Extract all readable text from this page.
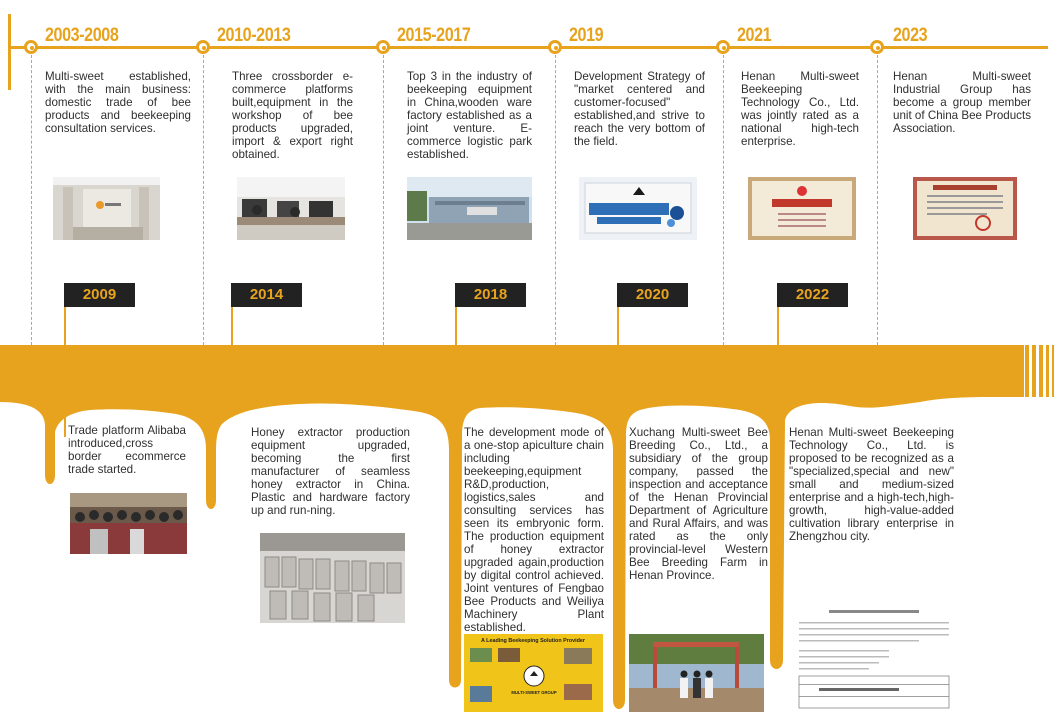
2003-2008
Multi-sweet established, with the main business: domestic trade of bee products and beekeeping consultation services.
2010-2013
Three crossborder e-commerce platforms built,equipment in the workshop of bee products upgraded, import & export right obtained.
2015-2017
Top 3 in the industry of beekeeping equipment in China,wooden ware factory established as a joint venture. E-commerce logistic park established.
2019
Development Strategy of "market centered and customer-focused" established,and strive to reach the very bottom of the field.
2021
Henan Multi-sweet Beekeeping Technology Co., Ltd. was jointly rated as a national high-tech enterprise.
2023
Henan Multi-sweet Industrial Group has become a group member unit of China Bee Products Association.
2009	2014	2018	2020	2022
Trade platform Alibaba introduced,cross border ecommerce trade started.
Honey extractor production equipment upgraded, becoming the first manufacturer of seamless honey extractor in China. Plastic and hardware factory up and run-ning.
The development mode of a one-stop apiculture chain including beekeeping,equipment R&D,production, logistics,sales and consulting services has seen its embryonic form. The production equipment of honey extractor upgraded again,production by digital control achieved. Joint ventures of Fengbao Bee Products and Weiliya Machinery Plant established.
Xuchang Multi-sweet Bee Breeding Co., Ltd., a subsidiary of the group company, passed the inspection and acceptance of the Henan Provincial Department of Agriculture and Rural Affairs, and was rated as the only provincial-level Western Bee Breeding Farm in Henan Province.
Henan Multi-sweet Beekeeping Technology Co., Ltd. is proposed to be recognized as a "specialized,special and new" small and medium-sized enterprise and a high-tech,high-growth, high-value-added cultivation library enterprise in Zhengzhou city.
A Leading Beekeeping Solution Provider
MULTI-SWEET GROUP
